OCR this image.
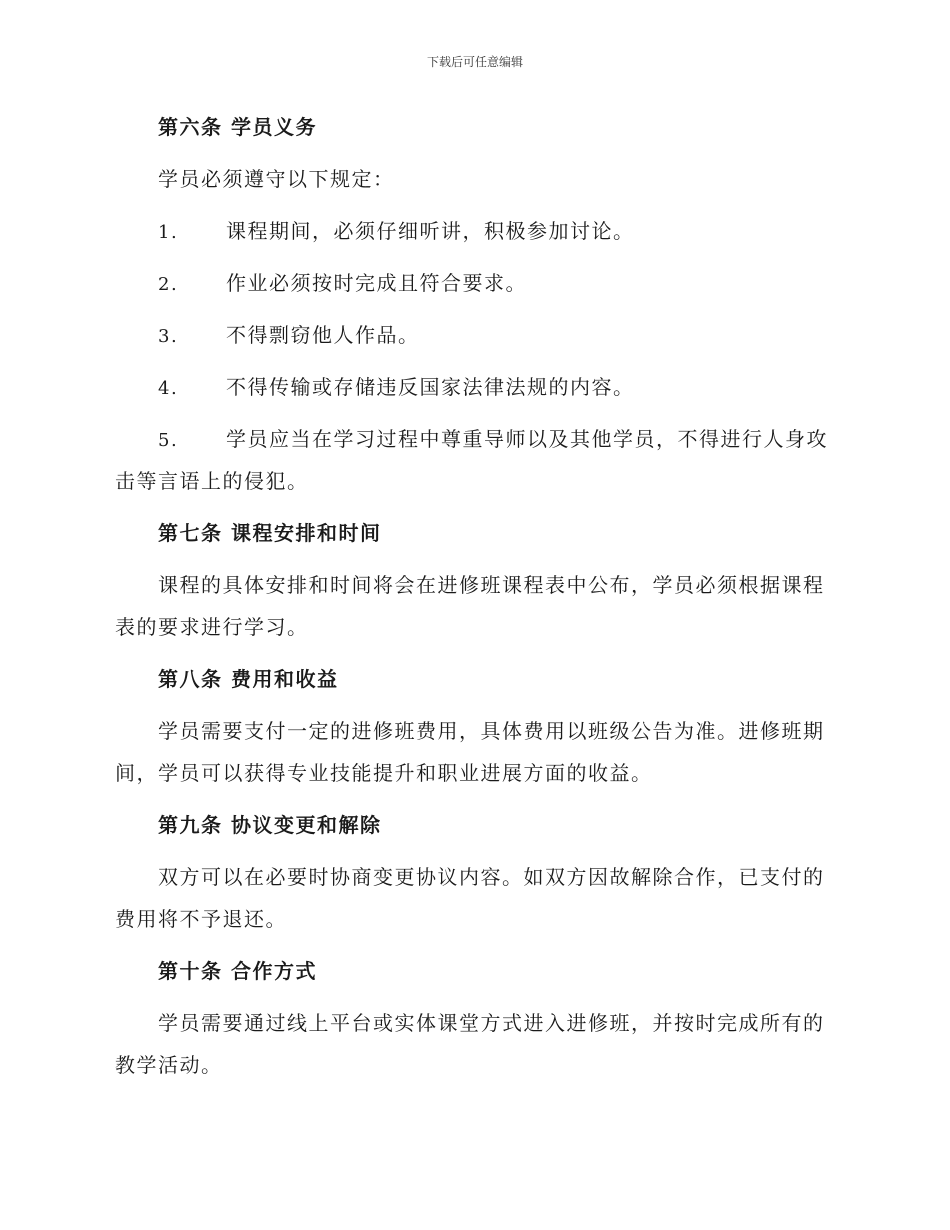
下载后可任意编辑
第六条 学员义务
学员必须遵守以下规定：
1. 课程期间，必须仔细听讲，积极参加讨论。
2. 作业必须按时完成且符合要求。
3. 不得剽窃他人作品。
4. 不得传输或存储违反国家法律法规的内容。
5. 学员应当在学习过程中尊重导师以及其他学员，不得进行人身攻
击等言语上的侵犯。
第七条 课程安排和时间
课程的具体安排和时间将会在进修班课程表中公布，学员必须根据课程
表的要求进行学习。
第八条 费用和收益
学员需要支付一定的进修班费用，具体费用以班级公告为准。进修班期
间，学员可以获得专业技能提升和职业进展方面的收益。
第九条 协议变更和解除
双方可以在必要时协商变更协议内容。如双方因故解除合作，已支付的
费用将不予退还。
第十条 合作方式
学员需要通过线上平台或实体课堂方式进入进修班，并按时完成所有的
教学活动。
